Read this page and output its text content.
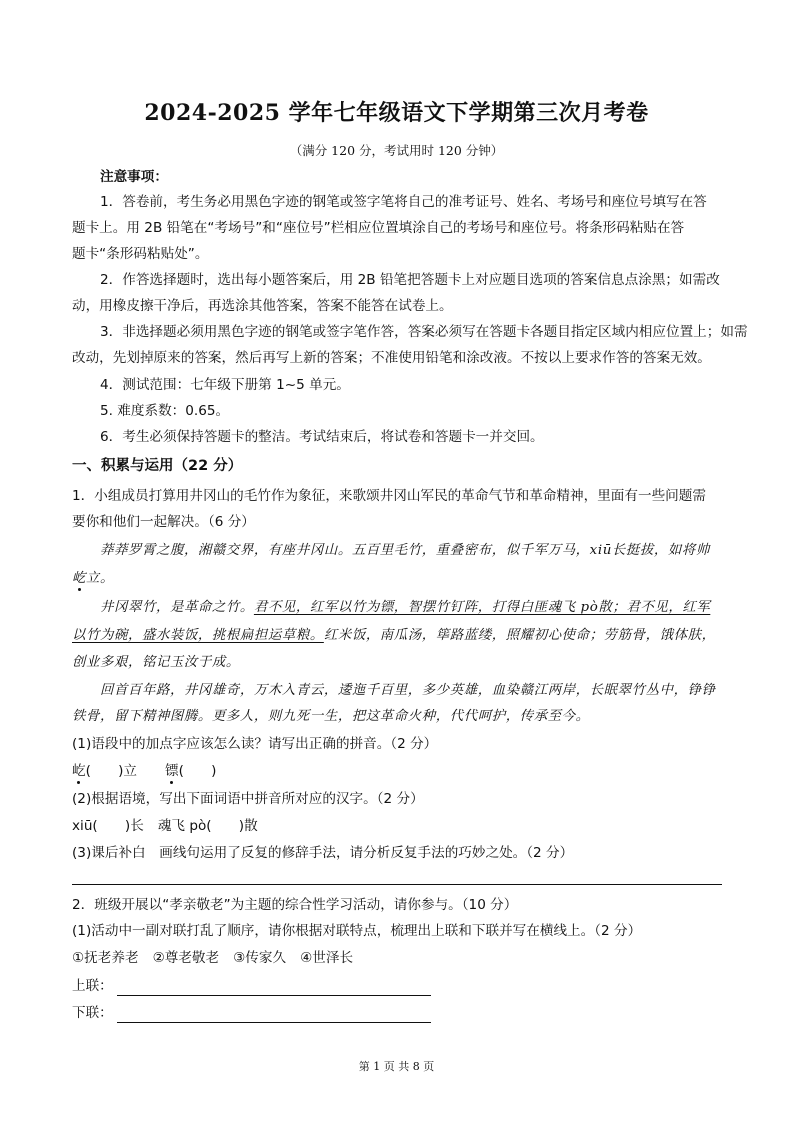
2024-2025 学年七年级语文下学期第三次月考卷
（满分 120 分，考试用时 120 分钟）
注意事项：
1．答卷前，考生务必用黑色字迹的钢笔或签字笔将自己的准考证号、姓名、考场号和座位号填写在答
题卡上。用 2B 铅笔在“考场号”和“座位号”栏相应位置填涂自己的考场号和座位号。将条形码粘贴在答
题卡“条形码粘贴处”。
2．作答选择题时，选出每小题答案后，用 2B 铅笔把答题卡上对应题目选项的答案信息点涂黑；如需改
动，用橡皮擦干净后，再选涂其他答案，答案不能答在试卷上。
3．非选择题必须用黑色字迹的钢笔或签字笔作答，答案必须写在答题卡各题目指定区域内相应位置上；如需
改动，先划掉原来的答案，然后再写上新的答案；不准使用铅笔和涂改液。不按以上要求作答的答案无效。
4．测试范围：七年级下册第 1~5 单元。
5. 难度系数：0.65。
6．考生必须保持答题卡的整洁。考试结束后，将试卷和答题卡一并交回。
一、积累与运用（22 分）
1．小组成员打算用井冈山的毛竹作为象征，来歌颂井冈山军民的革命气节和革命精神，里面有一些问题需
要你和他们一起解决。（6 分）
莽莽罗霄之腹，湘赣交界，有座井冈山。五百里毛竹，重叠密布，似千军万马，xiū长挺拔，如将帅
屹立。
井冈翠竹，是革命之竹。君不见，红军以竹为镖，智摆竹钉阵，打得白匪魂飞 pò散；君不见，红军
以竹为碗，盛水装饭，挑根扁担运草粮。红米饭，南瓜汤，筚路蓝缕，照耀初心使命；劳筋骨，饿体肤，
创业多艰，铭记玉汝于成。
回首百年路，井冈雄奇，万木入青云，逶迤千百里，多少英雄，血染赣江两岸，长眠翠竹丛中，铮铮
铁骨，留下精神图腾。更多人，则九死一生，把这革命火种，代代呵护，传承至今。
(1)语段中的加点字应该怎么读？请写出正确的拼音。（2 分）
屹(　　)立 镖(　　)
(2)根据语境，写出下面词语中拼音所对应的汉字。（2 分）
xiū(　　)长 魂飞 pò(　　)散
(3)课后补白　画线句运用了反复的修辞手法，请分析反复手法的巧妙之处。（2 分）
2．班级开展以“孝亲敬老”为主题的综合性学习活动，请你参与。（10 分）
(1)活动中一副对联打乱了顺序，请你根据对联特点，梳理出上联和下联并写在横线上。（2 分）
①抚老养老 ②尊老敬老 ③传家久 ④世泽长
上联：
下联：
第 1 页 共 8 页
